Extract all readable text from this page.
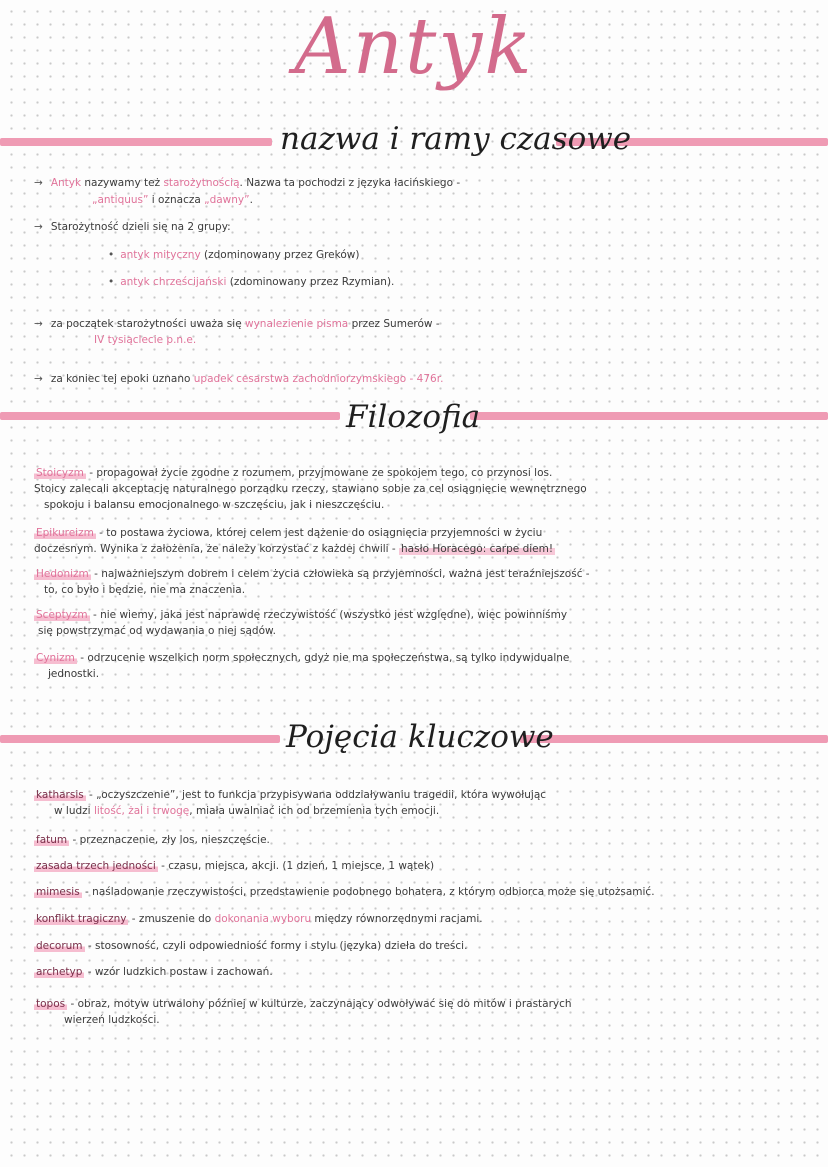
Antyk
nazwa i ramy czasowe
→ Antyk nazywamy też starożytnością. Nazwa ta pochodzi z języka łacińskiego -
„antiquus” i oznacza „dawny”.
→ Starożytność dzieli się na 2 grupy:
• antyk mityczny (zdominowany przez Greków)
• antyk chrześcijański (zdominowany przez Rzymian).
→ za początek starożytności uważa się wynalezienie pisma przez Sumerów -
IV tysiąclecie p.n.e.
→ za koniec tej epoki uznano upadek cesarstwa zachodniorzymskiego - 476r.
Filozofia
Stoicyzm - propagował życie zgodne z rozumem, przyjmowane ze spokojem tego, co przynosi los.
Stoicy zalecali akceptację naturalnego porządku rzeczy, stawiano sobie za cel osiągnięcie wewnętrznego
spokoju i balansu emocjonalnego w szczęściu, jak i nieszczęściu.
Epikureizm - to postawa życiowa, której celem jest dążenie do osiągnięcia przyjemności w życiu
doczesnym. Wynika z założenia, że należy korzystać z każdej chwili - hasło Horacego: carpe diem!
Hedonizm - najważniejszym dobrem i celem życia człowieka są przyjemności, ważna jest teraźniejszość -
to, co było i będzie, nie ma znaczenia.
Sceptyzm - nie wiemy, jaka jest naprawdę rzeczywistość (wszystko jest względne), więc powinniśmy
się powstrzymać od wydawania o niej sądów.
Cynizm - odrzucenie wszelkich norm społecznych, gdyż nie ma społeczeństwa, są tylko indywidualne
jednostki.
Pojęcia kluczowe
katharsis - „oczyszczenie”, jest to funkcja przypisywana oddziaływaniu tragedii, która wywołując
w ludzi litość, żal i trwogę, miała uwalniać ich od brzemienia tych emocji.
fatum - przeznaczenie, zły los, nieszczęście.
zasada trzech jedności - czasu, miejsca, akcji. (1 dzień, 1 miejsce, 1 wątek)
mimesis - naśladowanie rzeczywistości, przedstawienie podobnego bohatera, z którym odbiorca może się utożsamić.
konflikt tragiczny - zmuszenie do dokonania wyboru między równorzędnymi racjami.
decorum - stosowność, czyli odpowiedniość formy i stylu (języka) dzieła do treści.
archetyp - wzór ludzkich postaw i zachowań.
topos - obraz, motyw utrwalony później w kulturze, zaczynający odwoływać się do mitów i prastarych
wierzeń ludzkości.
